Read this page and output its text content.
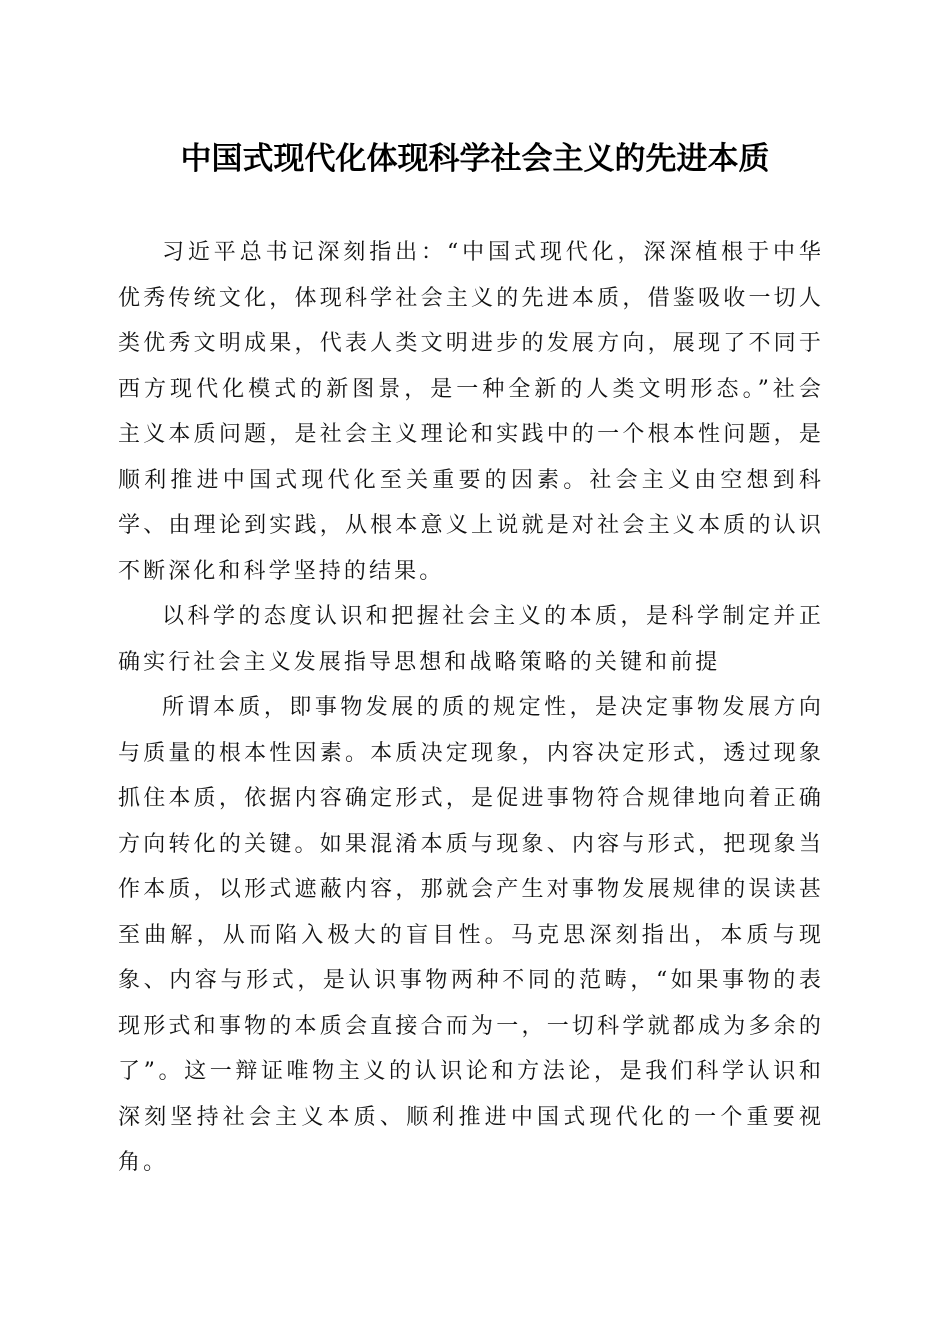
中国式现代化体现科学社会主义的先进本质

习近平总书记深刻指出：“中国式现代化，深深植根于中华优秀传统文化，体现科学社会主义的先进本质，借鉴吸收一切人类优秀文明成果，代表人类文明进步的发展方向，展现了不同于西方现代化模式的新图景，是一种全新的人类文明形态。”社会主义本质问题，是社会主义理论和实践中的一个根本性问题，是顺利推进中国式现代化至关重要的因素。社会主义由空想到科学、由理论到实践，从根本意义上说就是对社会主义本质的认识不断深化和科学坚持的结果。

以科学的态度认识和把握社会主义的本质，是科学制定并正确实行社会主义发展指导思想和战略策略的关键和前提

所谓本质，即事物发展的质的规定性，是决定事物发展方向与质量的根本性因素。本质决定现象，内容决定形式，透过现象抓住本质，依据内容确定形式，是促进事物符合规律地向着正确方向转化的关键。如果混淆本质与现象、内容与形式，把现象当作本质，以形式遮蔽内容，那就会产生对事物发展规律的误读甚至曲解，从而陷入极大的盲目性。马克思深刻指出，本质与现象、内容与形式，是认识事物两种不同的范畴，“如果事物的表现形式和事物的本质会直接合而为一，一切科学就都成为多余的了”。这一辩证唯物主义的认识论和方法论，是我们科学认识和深刻坚持社会主义本质、顺利推进中国式现代化的一个重要视角。
